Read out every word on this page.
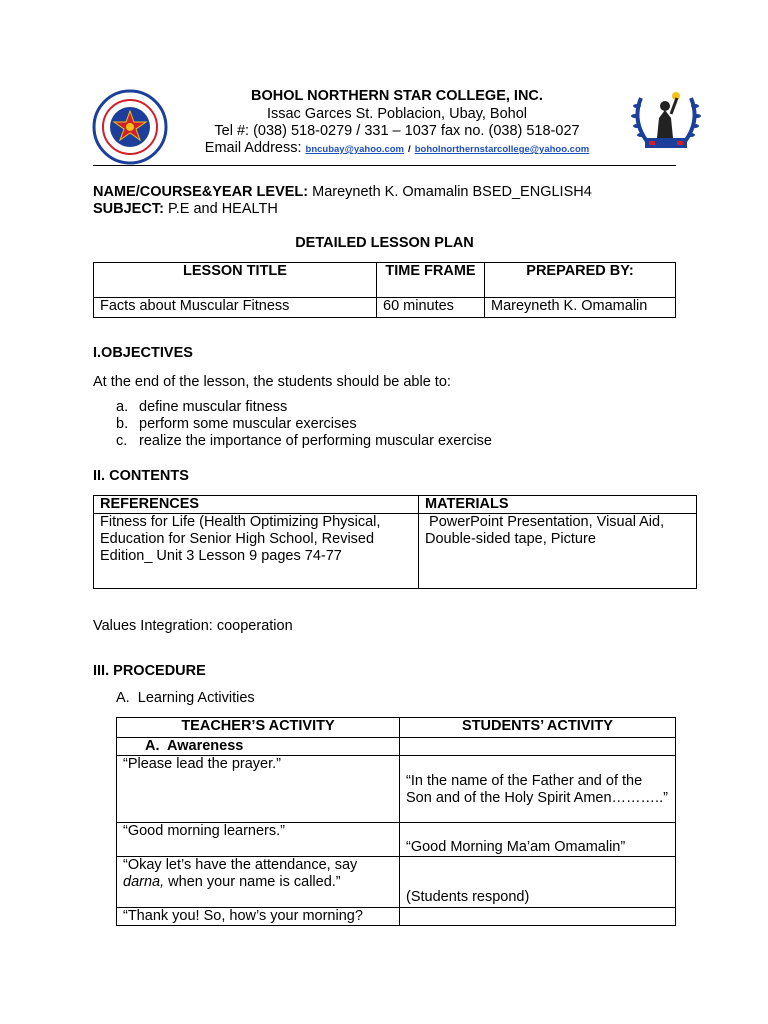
BOHOL NORTHERN STAR COLLEGE, INC.
Issac Garces St. Poblacion, Ubay, Bohol
Tel #: (038) 518-0279 / 331 – 1037 fax no. (038) 518-027
Email Address: bncubay@yahoo.com / boholnorthernstarcollege@yahoo.com
NAME/COURSE&YEAR LEVEL: Mareyneth K. Omamalin BSED_ENGLISH4
SUBJECT: P.E and HEALTH
DETAILED LESSON PLAN
LESSON TITLE	TIME FRAME	PREPARED BY:
Facts about Muscular Fitness	60 minutes	Mareyneth K. Omamalin
I.OBJECTIVES
At the end of the lesson, the students should be able to:
a. define muscular fitness
b. perform some muscular exercises
c. realize the importance of performing muscular exercise
II. CONTENTS
REFERENCES	MATERIALS
Fitness for Life (Health Optimizing Physical, Education for Senior High School, Revised Edition_ Unit 3 Lesson 9 pages 74-77	PowerPoint Presentation, Visual Aid, Double-sided tape, Picture
Values Integration: cooperation
III. PROCEDURE
A.  Learning Activities
TEACHER’S ACTIVITY	STUDENTS’ ACTIVITY
A.  Awareness	
“Please lead the prayer.”	“In the name of the Father and of the Son and of the Holy Spirit Amen………..”
“Good morning learners.”	“Good Morning Ma’am Omamalin”
“Okay let’s have the attendance, say darna, when your name is called.”	(Students respond)
“Thank you! So, how’s your morning?	
